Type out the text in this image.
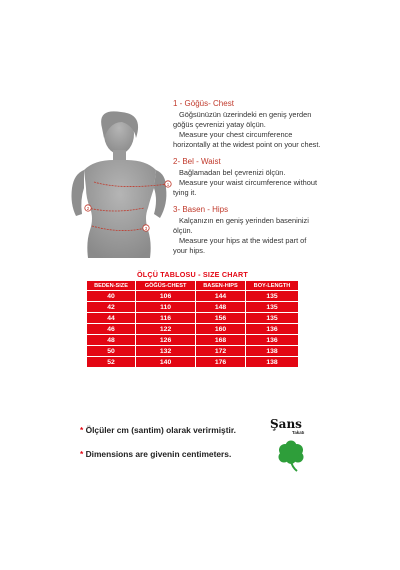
1
2
3
1 - Göğüs- Chest
Göğsünüzün üzerindeki en geniş yerden
göğüs çevrenizi yatay ölçün.
Measure your chest circumference
horizontally at the widest point on your chest.
2- Bel - Waist
Bağlamadan bel çevrenizi ölçün.
Measure your waist circumference without
tying it.
3- Basen - Hips
Kalçanızın en geniş yerinden baseninizi
ölçün.
Measure your hips at the widest part of
your hips.
ÖLÇÜ TABLOSU - SIZE CHART
BEDEN-SIZE	GÖĞÜS-CHEST	BASEN-HIPS	BOY-LENGTH
40	106	144	135
42	110	148	135
44	116	156	135
46	122	160	136
48	126	168	136
50	132	172	138
52	140	176	138
* Ölçüler cm (santim) olarak verirmiştir.
* Dimensions are givenin centimeters.
Şans
Takatı
